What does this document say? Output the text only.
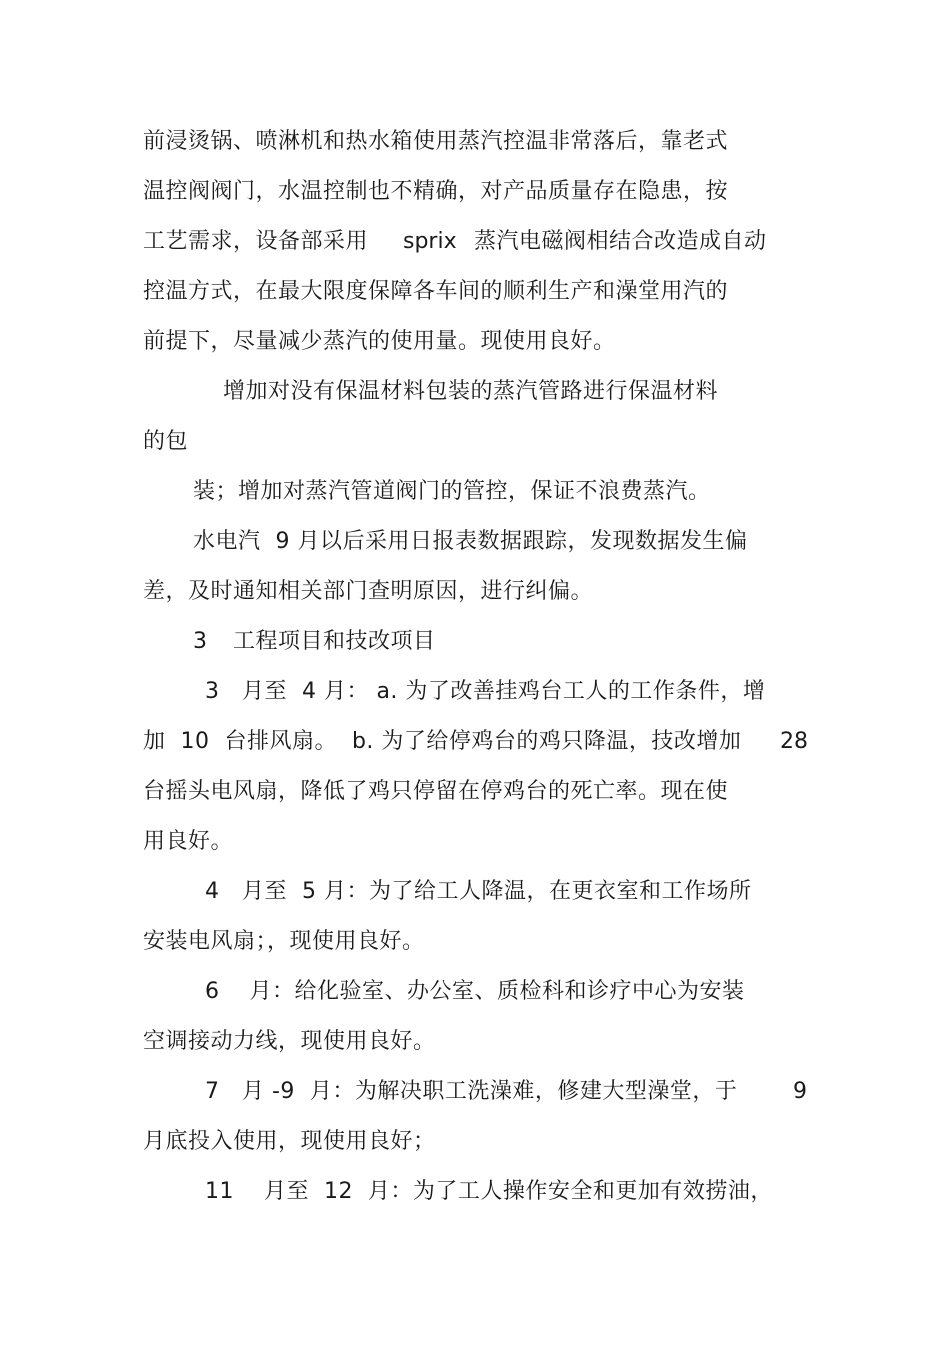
前浸烫锅、喷淋机和热水箱使用蒸汽控温非常落后，靠老式
温控阀阀门，水温控制也不精确，对产品质量存在隐患，按
工艺需求，设备部采用 sprix 蒸汽电磁阀相结合改造成自动
控温方式，在最大限度保障各车间的顺利生产和澡堂用汽的
前提下，尽量减少蒸汽的使用量。现使用良好。
增加对没有保温材料包装的蒸汽管路进行保温材料
的包
装；增加对蒸汽管道阀门的管控，保证不浪费蒸汽。
水电汽  9 月以后采用日报表数据跟踪，发现数据发生偏
差，及时通知相关部门查明原因，进行纠偏。
3 工程项目和技改项目
3   月至  4 月： a. 为了改善挂鸡台工人的工作条件，增
加  10  台排风扇。  b. 为了给停鸡台的鸡只降温，技改增加 28
台摇头电风扇，降低了鸡只停留在停鸡台的死亡率。现在使
用良好。
4   月至  5 月：为了给工人降温，在更衣室和工作场所
安装电风扇；，现使用良好。
6    月：给化验室、办公室、质检科和诊疗中心为安装
空调接动力线，现使用良好。
7   月 -9  月：为解决职工洗澡难，修建大型澡堂，于	9
月底投入使用，现使用良好；
11    月至  12  月：为了工人操作安全和更加有效捞油，
